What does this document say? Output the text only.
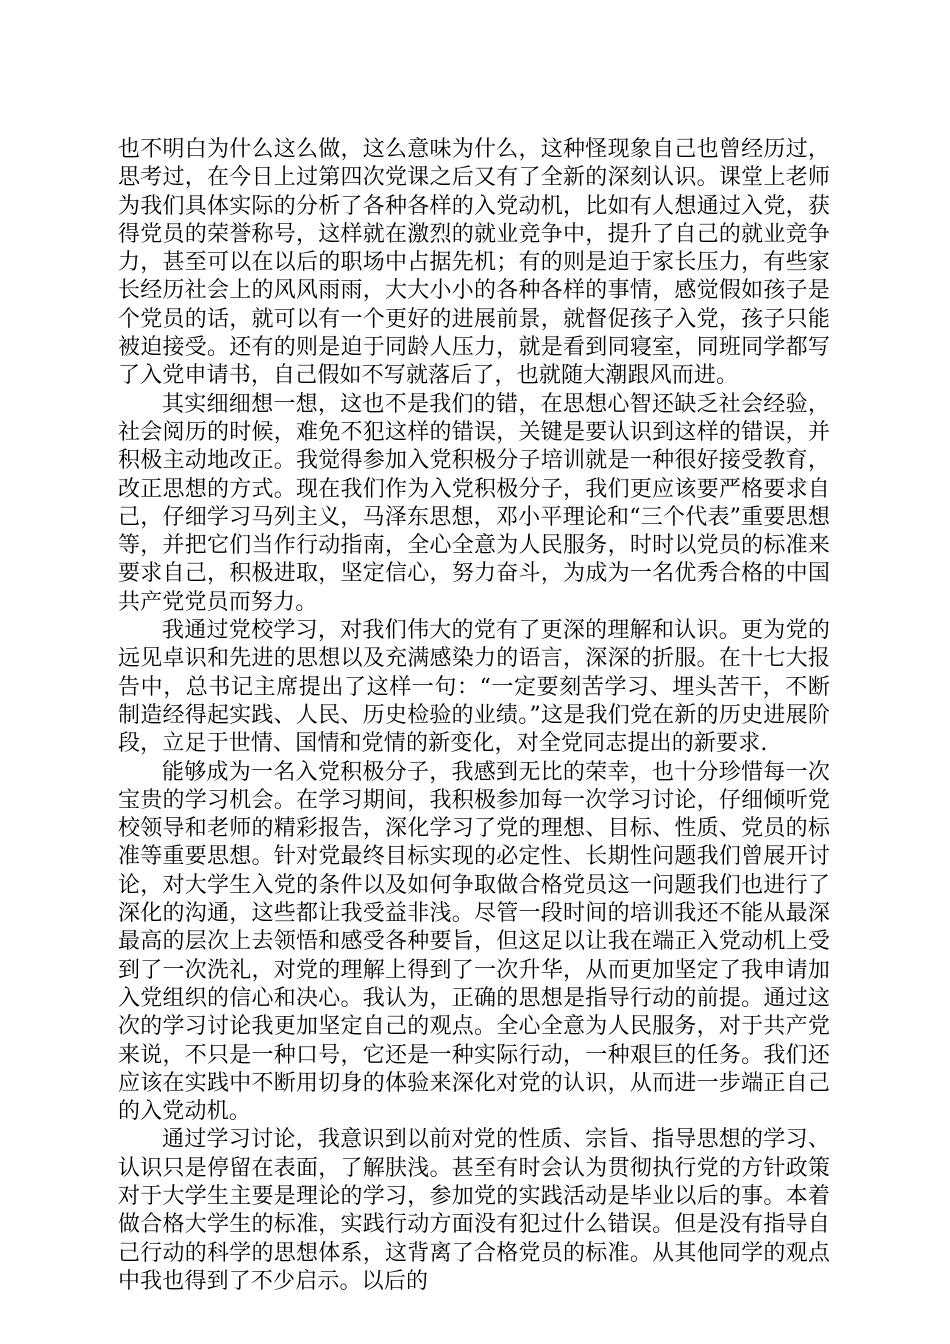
也不明白为什么这么做，这么意味为什么，这种怪现象自己也曾经历过，思考过，在今日上过第四次党课之后又有了全新的深刻认识。课堂上老师为我们具体实际的分析了各种各样的入党动机，比如有人想通过入党，获得党员的荣誉称号，这样就在激烈的就业竞争中，提升了自己的就业竞争力，甚至可以在以后的职场中占据先机；有的则是迫于家长压力，有些家长经历社会上的风风雨雨，大大小小的各种各样的事情，感觉假如孩子是个党员的话，就可以有一个更好的进展前景，就督促孩子入党，孩子只能被迫接受。还有的则是迫于同龄人压力，就是看到同寝室，同班同学都写了入党申请书，自己假如不写就落后了，也就随大潮跟风而进。

其实细细想一想，这也不是我们的错，在思想心智还缺乏社会经验，社会阅历的时候，难免不犯这样的错误，关键是要认识到这样的错误，并积极主动地改正。我觉得参加入党积极分子培训就是一种很好接受教育，改正思想的方式。现在我们作为入党积极分子，我们更应该要严格要求自己，仔细学习马列主义，马泽东思想，邓小平理论和“三个代表”重要思想等，并把它们当作行动指南，全心全意为人民服务，时时以党员的标准来要求自己，积极进取，坚定信心，努力奋斗，为成为一名优秀合格的中国共产党党员而努力。

我通过党校学习，对我们伟大的党有了更深的理解和认识。更为党的远见卓识和先进的思想以及充满感染力的语言，深深的折服。在十七大报告中，总书记主席提出了这样一句：“一定要刻苦学习、埋头苦干，不断制造经得起实践、人民、历史检验的业绩。”这是我们党在新的历史进展阶段，立足于世情、国情和党情的新变化，对全党同志提出的新要求.

能够成为一名入党积极分子，我感到无比的荣幸，也十分珍惜每一次宝贵的学习机会。在学习期间，我积极参加每一次学习讨论，仔细倾听党校领导和老师的精彩报告，深化学习了党的理想、目标、性质、党员的标准等重要思想。针对党最终目标实现的必定性、长期性问题我们曾展开讨论，对大学生入党的条件以及如何争取做合格党员这一问题我们也进行了深化的沟通，这些都让我受益非浅。尽管一段时间的培训我还不能从最深最高的层次上去领悟和感受各种要旨，但这足以让我在端正入党动机上受到了一次洗礼，对党的理解上得到了一次升华，从而更加坚定了我申请加入党组织的信心和决心。我认为，正确的思想是指导行动的前提。通过这次的学习讨论我更加坚定自己的观点。全心全意为人民服务，对于共产党来说，不只是一种口号，它还是一种实际行动，一种艰巨的任务。我们还应该在实践中不断用切身的体验来深化对党的认识，从而进一步端正自己的入党动机。

通过学习讨论，我意识到以前对党的性质、宗旨、指导思想的学习、认识只是停留在表面，了解肤浅。甚至有时会认为贯彻执行党的方针政策对于大学生主要是理论的学习，参加党的实践活动是毕业以后的事。本着做合格大学生的标准，实践行动方面没有犯过什么错误。但是没有指导自己行动的科学的思想体系，这背离了合格党员的标准。从其他同学的观点中我也得到了不少启示。以后的
